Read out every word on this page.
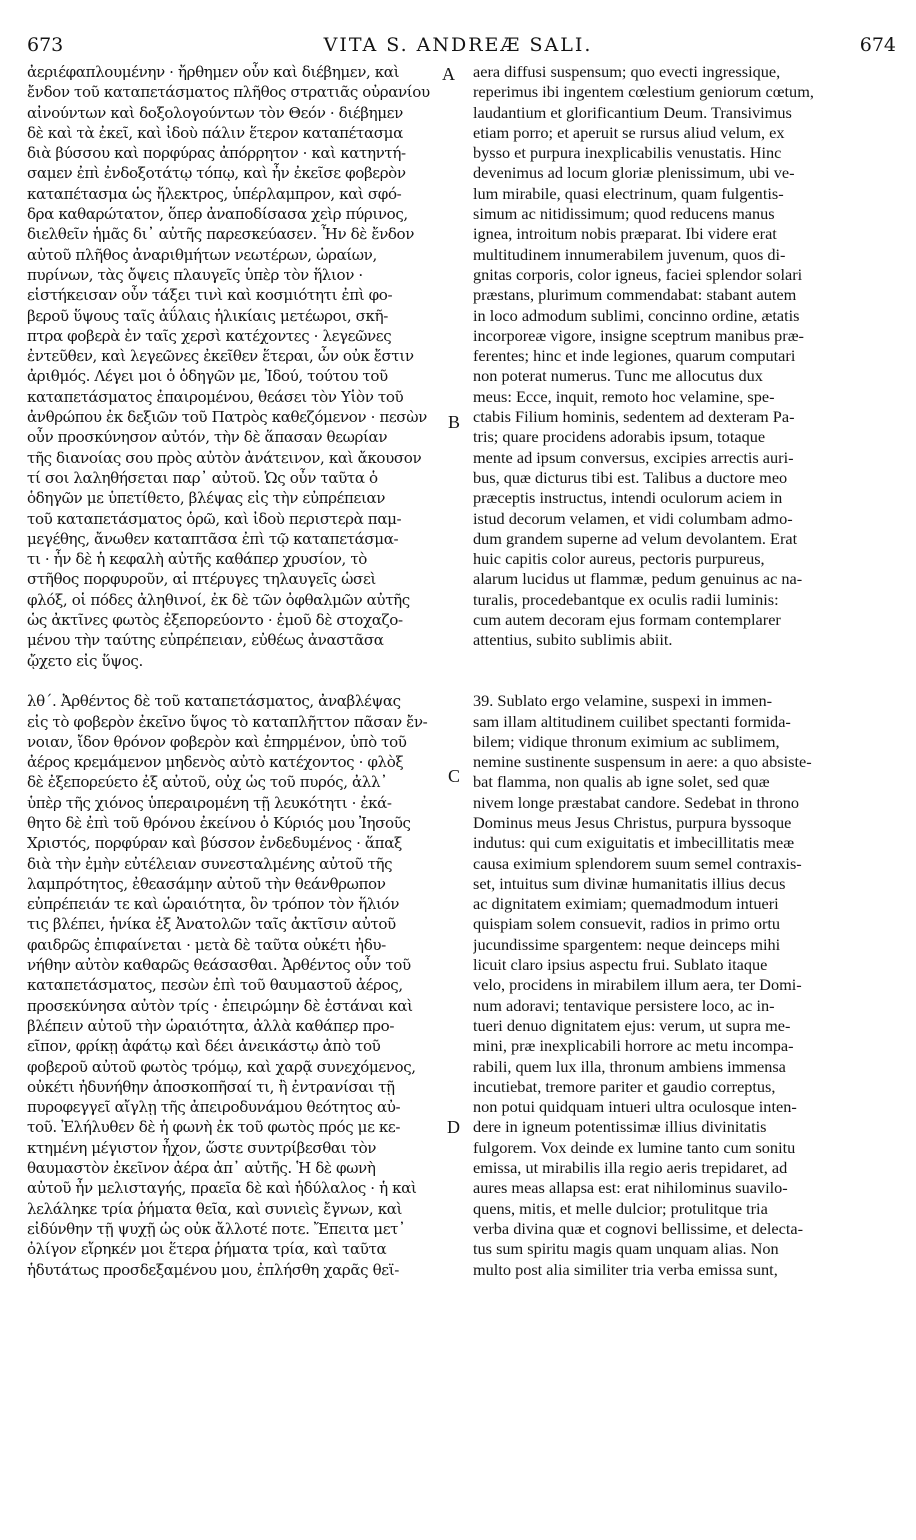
673	VITA S. ANDREÆ SALI.	674
ἀεριέφαπλουμένην · ἤρθημεν οὖν καὶ διέβημεν, καὶ
ἔνδον τοῦ καταπετάσματος πλῆθος στρατιᾶς οὐρανίου
αἰνούντων καὶ δοξολογούντων τὸν Θεόν · διέβημεν
δὲ καὶ τὰ ἐκεῖ, καὶ ἰδοὺ πάλιν ἕτερον καταπέτασμα
διὰ βύσσου καὶ πορφύρας ἀπόρρητον · καὶ κατηντή-
σαμεν ἐπὶ ἐνδοξοτάτῳ τόπῳ, καὶ ἦν ἐκεῖσε φοβερὸν
καταπέτασμα ὡς ἤλεκτρος, ὑπέρλαμπρον, καὶ σφό-
δρα καθαρώτατον, ὅπερ ἀναποδίσασα χεὶρ πύρινος,
διελθεῖν ἡμᾶς δι᾽ αὐτῆς παρεσκεύασεν. Ἦν δὲ ἔνδον
αὐτοῦ πλῆθος ἀναριθμήτων νεωτέρων, ὡραίων,
πυρίνων, τὰς ὄψεις πλαυγεῖς ὑπὲρ τὸν ἥλιον ·
εἱστήκεισαν οὖν τάξει τινὶ καὶ κοσμιότητι ἐπὶ φο-
βεροῦ ὕψους ταῖς ἀΰλαις ἡλικίαις μετέωροι, σκῆ-
πτρα φοβερὰ ἐν ταῖς χερσὶ κατέχοντες · λεγεῶνες
ἐντεῦθεν, καὶ λεγεῶνες ἐκεῖθεν ἕτεραι, ὧν οὐκ ἔστιν
ἀριθμός. Λέγει μοι ὁ ὁδηγῶν με, Ἰδού, τούτου τοῦ
καταπετάσματος ἐπαιρομένου, θεάσει τὸν Υἱὸν τοῦ
ἀνθρώπου ἐκ δεξιῶν τοῦ Πατρὸς καθεζόμενον · πεσὼν
οὖν προσκύνησον αὐτόν, τὴν δὲ ἅπασαν θεωρίαν
τῆς διανοίας σου πρὸς αὐτὸν ἀνάτεινον, καὶ ἄκουσον
τί σοι λαληθήσεται παρ᾽ αὐτοῦ. Ὡς οὖν ταῦτα ὁ
ὁδηγῶν με ὑπετίθετο, βλέψας εἰς τὴν εὐπρέπειαν
τοῦ καταπετάσματος ὁρῶ, καὶ ἰδοὺ περιστερὰ παμ-
μεγέθης, ἄνωθεν καταπτᾶσα ἐπὶ τῷ καταπετάσμα-
τι · ἦν δὲ ἡ κεφαλὴ αὐτῆς καθάπερ χρυσίον, τὸ
στῆθος πορφυροῦν, αἱ πτέρυγες τηλαυγεῖς ὡσεὶ
φλόξ, οἱ πόδες ἀληθινοί, ἐκ δὲ τῶν ὀφθαλμῶν αὐτῆς
ὡς ἀκτῖνες φωτὸς ἐξεπορεύοντο · ἐμοῦ δὲ στοχαζο-
μένου τὴν ταύτης εὐπρέπειαν, εὐθέως ἀναστᾶσα
ᾤχετο εἰς ὕψος.
λθ´. Ἀρθέντος δὲ τοῦ καταπετάσματος, ἀναβλέψας
εἰς τὸ φοβερὸν ἐκεῖνο ὕψος τὸ καταπλῆττον πᾶσαν ἔν-
νοιαν, ἴδον θρόνον φοβερὸν καὶ ἐπηρμένον, ὑπὸ τοῦ
ἀέρος κρεμάμενον μηδενὸς αὐτὸ κατέχοντος · φλὸξ
δὲ ἐξεπορεύετο ἐξ αὐτοῦ, οὐχ ὡς τοῦ πυρός, ἀλλ᾽
ὑπὲρ τῆς χιόνος ὑπεραιρομένη τῇ λευκότητι · ἐκά-
θητο δὲ ἐπὶ τοῦ θρόνου ἐκείνου ὁ Κύριός μου Ἰησοῦς
Χριστός, πορφύραν καὶ βύσσον ἐνδεδυμένος · ἅπαξ
διὰ τὴν ἐμὴν εὐτέλειαν συνεσταλμένης αὐτοῦ τῆς
λαμπρότητος, ἐθεασάμην αὐτοῦ τὴν θεάνθρωπον
εὐπρέπειάν τε καὶ ὡραιότητα, ὃν τρόπον τὸν ἥλιόν
τις βλέπει, ἡνίκα ἐξ Ἀνατολῶν ταῖς ἀκτῖσιν αὐτοῦ
φαιδρῶς ἐπιφαίνεται · μετὰ δὲ ταῦτα οὐκέτι ἠδυ-
νήθην αὐτὸν καθαρῶς θεάσασθαι. Ἀρθέντος οὖν τοῦ
καταπετάσματος, πεσὼν ἐπὶ τοῦ θαυμαστοῦ ἀέρος,
προσεκύνησα αὐτὸν τρίς · ἐπειρώμην δὲ ἑστάναι καὶ
βλέπειν αὐτοῦ τὴν ὡραιότητα, ἀλλὰ καθάπερ προ-
εῖπον, φρίκῃ ἀφάτῳ καὶ δέει ἀνεικάστῳ ἀπὸ τοῦ
φοβεροῦ αὐτοῦ φωτὸς τρόμῳ, καὶ χαρᾷ συνεχόμενος,
οὐκέτι ἠδυνήθην ἀποσκοπῆσαί τι, ἢ ἐντρανίσαι τῇ
πυροφεγγεῖ αἴγλῃ τῆς ἀπειροδυνάμου θεότητος αὐ-
τοῦ. Ἐλήλυθεν δὲ ἡ φωνὴ ἐκ τοῦ φωτὸς πρός με κε-
κτημένη μέγιστον ἦχον, ὥστε συντρίβεσθαι τὸν
θαυμαστὸν ἐκεῖνον ἀέρα ἀπ᾽ αὐτῆς. Ἡ δὲ φωνὴ
αὐτοῦ ἦν μελισταγής, πραεῖα δὲ καὶ ἡδύλαλος · ἡ καὶ
λελάληκε τρία ῥήματα θεῖα, καὶ συνιεὶς ἔγνων, καὶ
εἰδύνθην τῇ ψυχῇ ὡς οὐκ ἄλλοτέ ποτε. Ἔπειτα μετ᾽
ὀλίγον εἴρηκέν μοι ἕτερα ῥήματα τρία, καὶ ταῦτα
ἡδυτάτως προσδεξαμένου μου, ἐπλήσθη χαρᾶς θεϊ-
aera diffusi suspensum; quo evecti ingressique,
reperimus ibi ingentem cœlestium geniorum cœtum,
laudantium et glorificantium Deum. Transivimus
etiam porro; et aperuit se rursus aliud velum, ex
bysso et purpura inexplicabilis venustatis. Hinc
devenimus ad locum gloriæ plenissimum, ubi ve-
lum mirabile, quasi electrinum, quam fulgentis-
simum ac nitidissimum; quod reducens manus
ignea, introitum nobis præparat. Ibi videre erat
multitudinem innumerabilem juvenum, quos di-
gnitas corporis, color igneus, faciei splendor solari
præstans, plurimum commendabat: stabant autem
in loco admodum sublimi, concinno ordine, ætatis
incorporeæ vigore, insigne sceptrum manibus præ-
ferentes; hinc et inde legiones, quarum computari
non poterat numerus. Tunc me allocutus dux
meus: Ecce, inquit, remoto hoc velamine, spe-
ctabis Filium hominis, sedentem ad dexteram Pa-
tris; quare procidens adorabis ipsum, totaque
mente ad ipsum conversus, excipies arrectis auri-
bus, quæ dicturus tibi est. Talibus a ductore meo
præceptis instructus, intendi oculorum aciem in
istud decorum velamen, et vidi columbam admo-
dum grandem superne ad velum devolantem. Erat
huic capitis color aureus, pectoris purpureus,
alarum lucidus ut flammæ, pedum genuinus ac na-
turalis, procedebantque ex oculis radii luminis:
cum autem decoram ejus formam contemplarer
attentius, subito sublimis abiit.
39. Sublato ergo velamine, suspexi in immen-
sam illam altitudinem cuilibet spectanti formida-
bilem; vidique thronum eximium ac sublimem,
nemine sustinente suspensum in aere: a quo absiste-
bat flamma, non qualis ab igne solet, sed quæ
nivem longe præstabat candore. Sedebat in throno
Dominus meus Jesus Christus, purpura byssoque
indutus: qui cum exiguitatis et imbecillitatis meæ
causa eximium splendorem suum semel contraxis-
set, intuitus sum divinæ humanitatis illius decus
ac dignitatem eximiam; quemadmodum intueri
quispiam solem consuevit, radios in primo ortu
jucundissime spargentem: neque deinceps mihi
licuit claro ipsius aspectu frui. Sublato itaque
velo, procidens in mirabilem illum aera, ter Domi-
num adoravi; tentavique persistere loco, ac in-
tueri denuo dignitatem ejus: verum, ut supra me-
mini, præ inexplicabili horrore ac metu incompa-
rabili, quem lux illa, thronum ambiens immensa
incutiebat, tremore pariter et gaudio correptus,
non potui quidquam intueri ultra oculosque inten-
dere in igneum potentissimæ illius divinitatis
fulgorem. Vox deinde ex lumine tanto cum sonitu
emissa, ut mirabilis illa regio aeris trepidaret, ad
aures meas allapsa est: erat nihilominus suavilo-
quens, mitis, et melle dulcior; protulitque tria
verba divina quæ et cognovi bellissime, et delecta-
tus sum spiritu magis quam unquam alias. Non
multo post alia similiter tria verba emissa sunt,
A
B
C
D
